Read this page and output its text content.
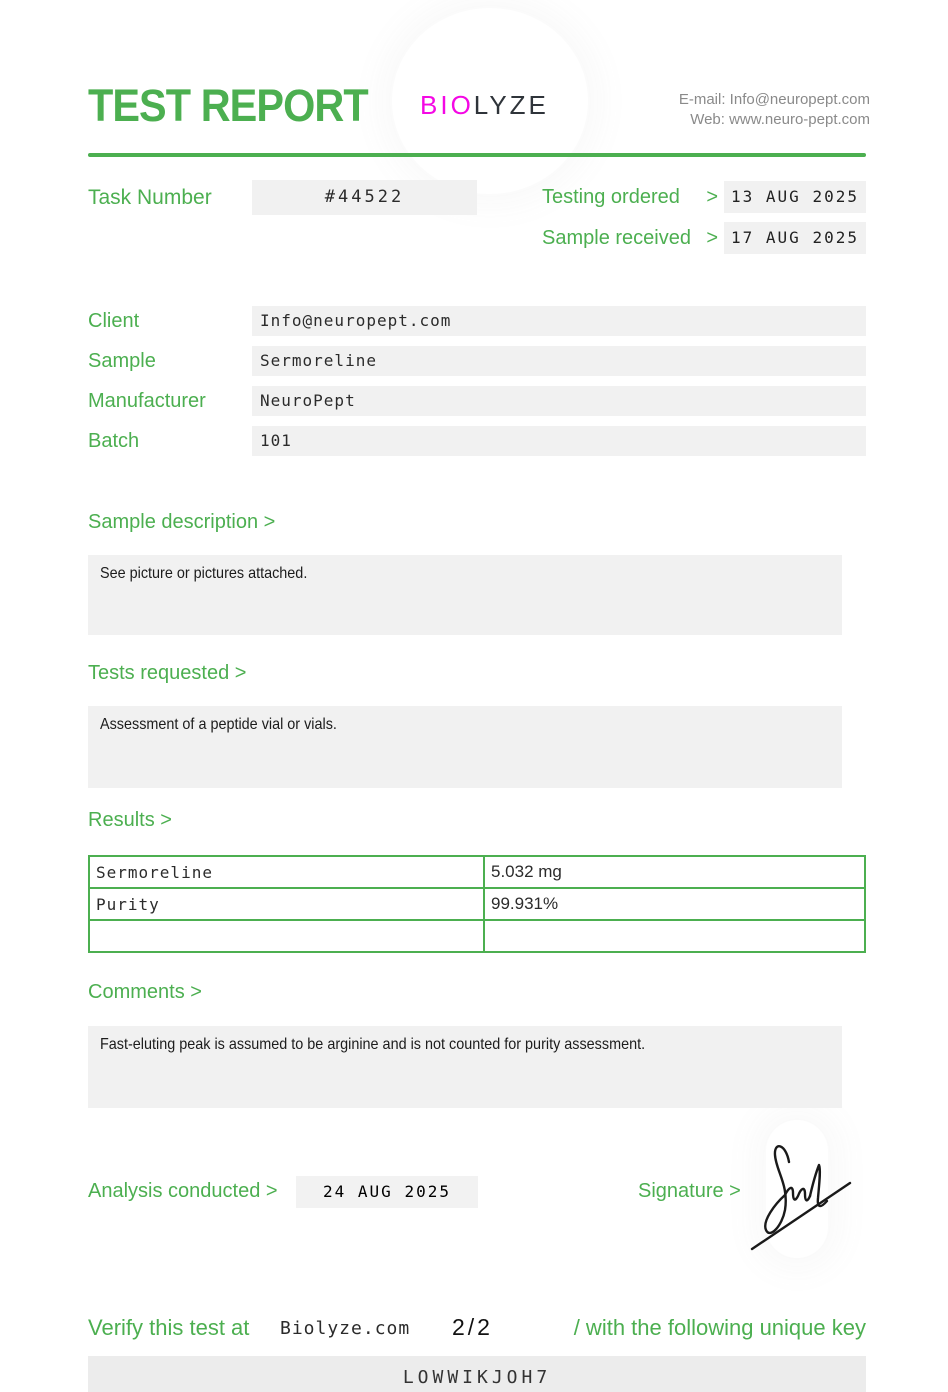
TEST REPORT BIOLYZE	E-mail: Info@neuropept.com
Web: www.neuro-pept.com
Task Number	#44522	Testing ordered > 13 AUG 2025
Sample received > 17 AUG 2025
Client	Info@neuropept.com
Sample	Sermoreline
Manufacturer	NeuroPept
Batch	101
Sample description >
See picture or pictures attached.
Tests requested >
Assessment of a peptide vial or vials.
Results >
Sermoreline	5.032 mg
Purity	99.931%

Comments >
Fast-eluting peak is assumed to be arginine and is not counted for purity assessment.
Analysis conducted >	24 AUG 2025	Signature >
Verify this test at Biolyze.com 2/2	/ with the following unique key
LOWWIKJOH7
